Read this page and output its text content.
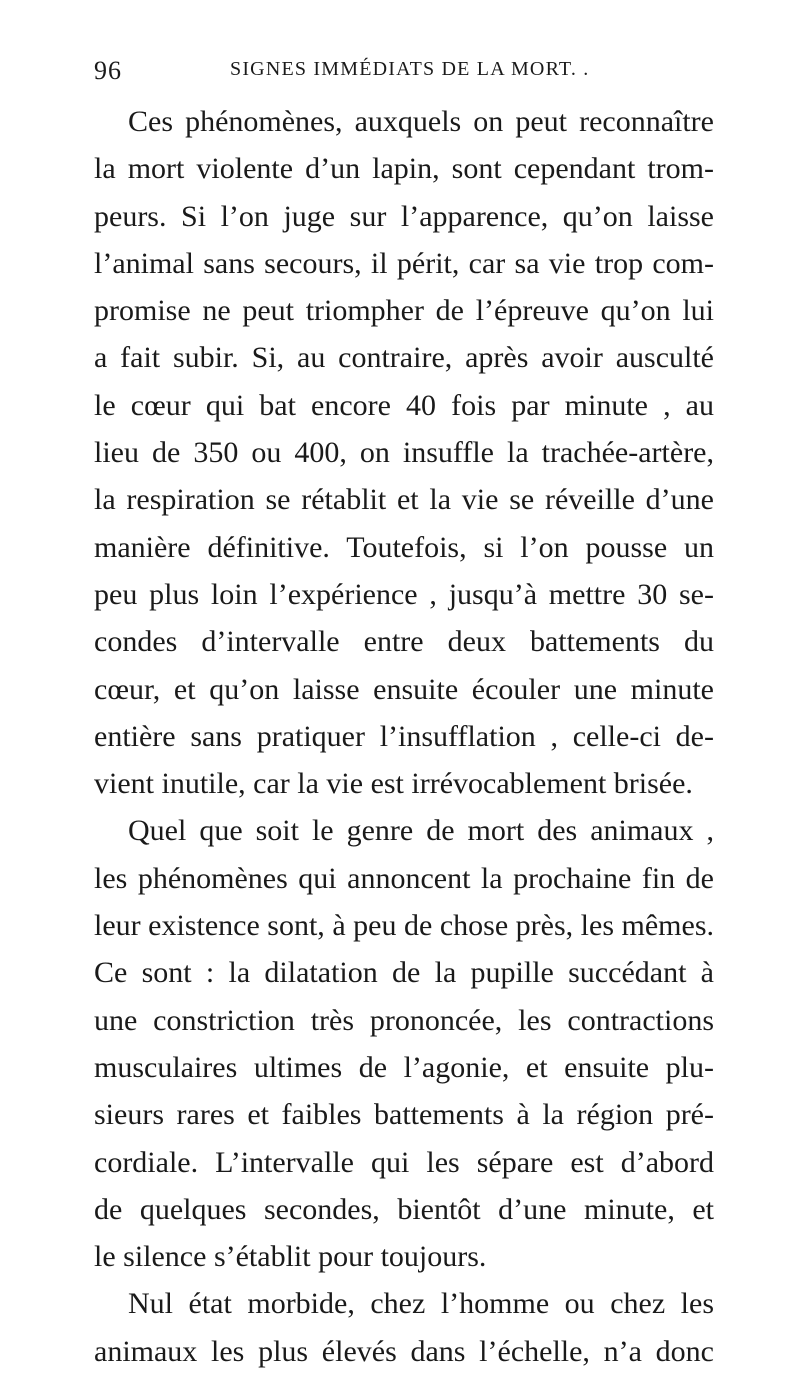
96	SIGNES IMMÉDIATS DE LA MORT. .
Ces phénomènes, auxquels on peut reconnaître
la mort violente d’un lapin, sont cependant trom-
peurs. Si l’on juge sur l’apparence, qu’on laisse
l’animal sans secours, il périt, car sa vie trop com-
promise ne peut triompher de l’épreuve qu’on lui
a fait subir. Si, au contraire, après avoir ausculté
le cœur qui bat encore 40 fois par minute , au
lieu de 350 ou 400, on insuffle la trachée-artère,
la respiration se rétablit et la vie se réveille d’une
manière définitive. Toutefois, si l’on pousse un
peu plus loin l’expérience , jusqu’à mettre 30 se-
condes d’intervalle entre deux battements du
cœur, et qu’on laisse ensuite écouler une minute
entière sans pratiquer l’insufflation , celle-ci de-
vient inutile, car la vie est irrévocablement brisée.
Quel que soit le genre de mort des animaux ,
les phénomènes qui annoncent la prochaine fin de
leur existence sont, à peu de chose près, les mêmes.
Ce sont : la dilatation de la pupille succédant à
une constriction très prononcée, les contractions
musculaires ultimes de l’agonie, et ensuite plu-
sieurs rares et faibles battements à la région pré-
cordiale. L’intervalle qui les sépare est d’abord
de quelques secondes, bientôt d’une minute, et
le silence s’établit pour toujours.
Nul état morbide, chez l’homme ou chez les
animaux les plus élevés dans l’échelle, n’a donc
